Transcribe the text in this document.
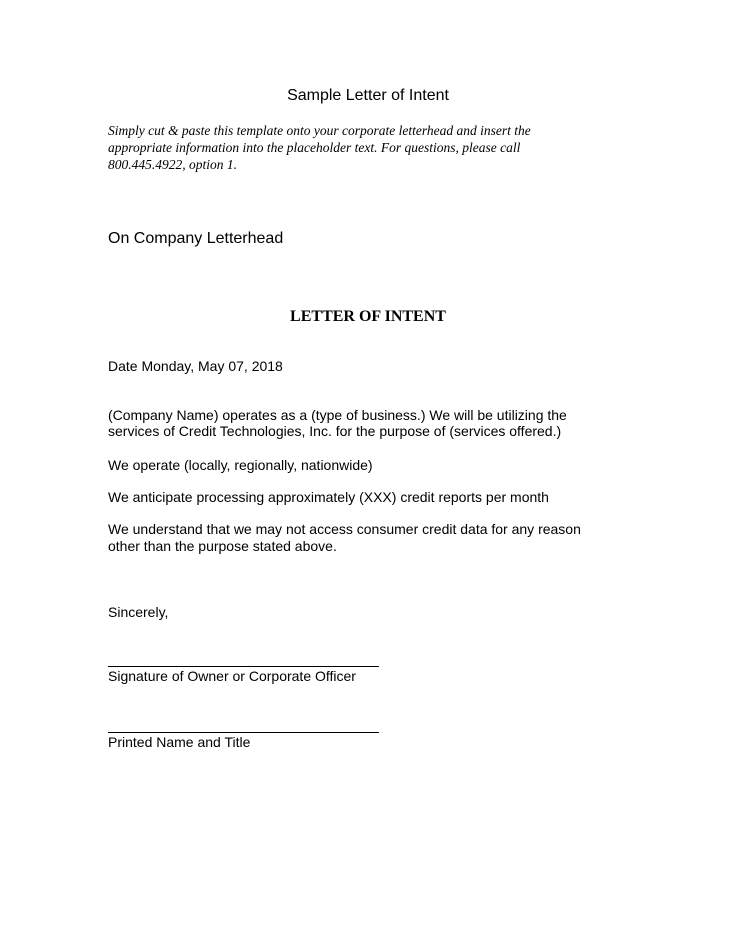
Sample Letter of Intent
Simply cut & paste this template onto your corporate letterhead and insert the
appropriate information into the placeholder text. For questions, please call
800.445.4922, option 1.
On Company Letterhead
LETTER OF INTENT
Date Monday, May 07, 2018
(Company Name) operates as a (type of business.) We will be utilizing the
services of Credit Technologies, Inc. for the purpose of (services offered.)
We operate (locally, regionally, nationwide)
We anticipate processing approximately (XXX) credit reports per month
We understand that we may not access consumer credit data for any reason
other than the purpose stated above.
Sincerely,
Signature of Owner or Corporate Officer
Printed Name and Title
